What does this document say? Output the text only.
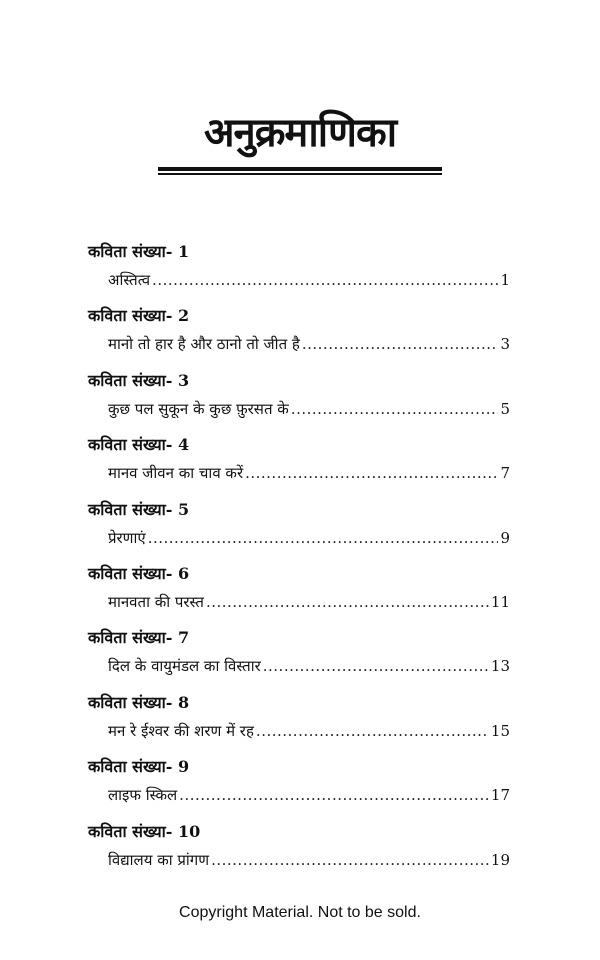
अनुक्रमाणिका
कविता संख्या- 1
अस्तित्व .....	1
कविता संख्या- 2
मानो तो हार है और ठानो तो जीत है .....	3
कविता संख्या- 3
कुछ पल सुकून के कुछ फ़ुरसत के .....	5
कविता संख्या- 4
मानव जीवन का चाव करें .....	7
कविता संख्या- 5
प्रेरणाएं .....	9
कविता संख्या- 6
मानवता की परस्त .....	11
कविता संख्या- 7
दिल के वायुमंडल का विस्तार .....	13
कविता संख्या- 8
मन रे ईश्वर की शरण में रह .....	15
कविता संख्या- 9
लाइफ स्किल .....	17
कविता संख्या- 10
विद्यालय का प्रांगण .....	19
Copyright Material. Not to be sold.
